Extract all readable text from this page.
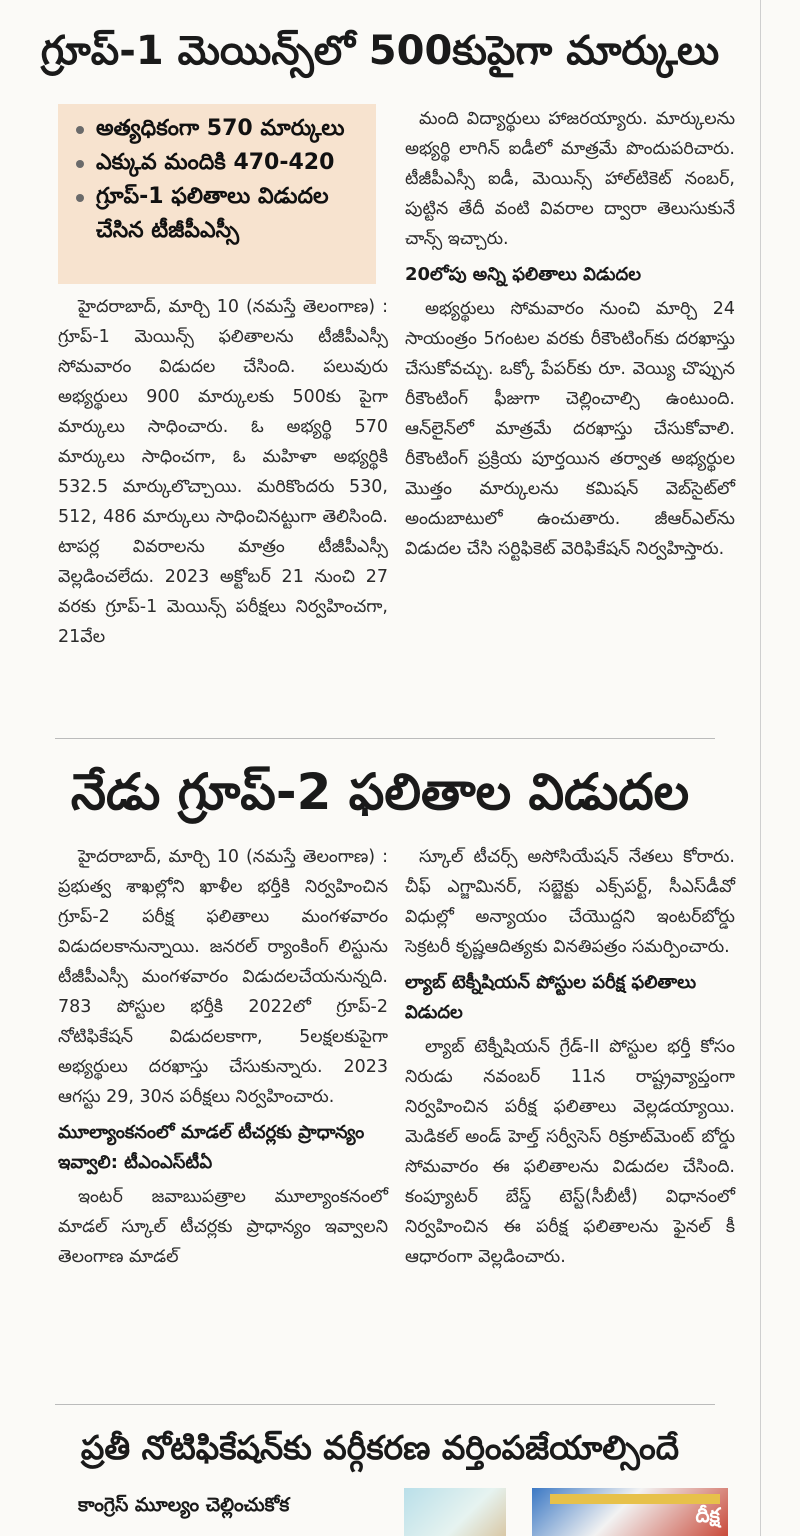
గ్రూప్-1 మెయిన్స్‌లో 500కుపైగా మార్కులు
అత్యధికంగా 570 మార్కులు
ఎక్కువ మందికి 470-420
గ్రూప్-1 ఫలితాలు విడుదల చేసిన టీజీపీఎస్సీ

హైదరాబాద్, మార్చి 10 (నమస్తే తెలంగాణ) : గ్రూప్-1 మెయిన్స్ ఫలితాలను టీజీపీఎస్సీ సోమవారం విడుదల చేసింది. పలువురు అభ్యర్థులు 900 మార్కులకు 500కు పైగా మార్కులు సాధించారు. ఓ అభ్యర్థి 570 మార్కులు సాధించగా, ఓ మహిళా అభ్యర్థికి 532.5 మార్కులొచ్చాయి. మరికొందరు 530, 512, 486 మార్కులు సాధించినట్టుగా తెలిసింది. టాపర్ల వివరాలను మాత్రం టీజీపీఎస్సీ వెల్లడించలేదు. 2023 అక్టోబర్ 21 నుంచి 27 వరకు గ్రూప్-1 మెయిన్స్ పరీక్షలు నిర్వహించగా, 21వేల

మంది విద్యార్థులు హాజరయ్యారు. మార్కులను అభ్యర్థి లాగిన్ ఐడీలో మాత్రమే పొందుపరిచారు. టీజీపీఎస్సీ ఐడీ, మెయిన్స్ హాల్‌టికెట్ నంబర్, పుట్టిన తేదీ వంటి వివరాల ద్వారా తెలుసుకునే చాన్స్ ఇచ్చారు.

20లోపు అన్ని ఫలితాలు విడుదల

అభ్యర్థులు సోమవారం నుంచి మార్చి 24 సాయంత్రం 5గంటల వరకు రీకౌంటింగ్‌కు దరఖాస్తు చేసుకోవచ్చు. ఒక్కో పేపర్‌కు రూ. వెయ్యి చొప్పున రీకౌంటింగ్ ఫీజుగా చెల్లించాల్సి ఉంటుంది. ఆన్‌లైన్‌లో మాత్రమే దరఖాస్తు చేసుకోవాలి. రీకౌంటింగ్ ప్రక్రియ పూర్తయిన తర్వాత అభ్యర్థుల మొత్తం మార్కులను కమిషన్ వెబ్‌సైట్‌లో అందుబాటులో ఉంచుతారు. జీఆర్‌ఎల్‌ను విడుదల చేసి సర్టిఫికెట్ వెరిఫికేషన్ నిర్వహిస్తారు.

నేడు గ్రూప్-2 ఫలితాల విడుదల

హైదరాబాద్, మార్చి 10 (నమస్తే తెలంగాణ) : ప్రభుత్వ శాఖల్లోని ఖాళీల భర్తీకి నిర్వహించిన గ్రూప్-2 పరీక్ష ఫలితాలు మంగళవారం విడుదలకానున్నాయి. జనరల్ ర్యాంకింగ్ లిస్టును టీజీపీఎస్సీ మంగళవారం విడుదలచేయనున్నది. 783 పోస్టుల భర్తీకి 2022లో గ్రూప్-2 నోటిఫికేషన్ విడుదలకాగా, 5లక్షలకుపైగా అభ్యర్థులు దరఖాస్తు చేసుకున్నారు. 2023 ఆగస్టు 29, 30న పరీక్షలు నిర్వహించారు.

మూల్యాంకనంలో మాడల్ టీచర్లకు ప్రాధాన్యం ఇవ్వాలి: టీఎంఎస్‌టీఏ

ఇంటర్ జవాబుపత్రాల మూల్యాంకనంలో మాడల్ స్కూల్ టీచర్లకు ప్రాధాన్యం ఇవ్వాలని తెలంగాణ మాడల్

స్కూల్ టీచర్స్ అసోసియేషన్ నేతలు కోరారు. చీఫ్ ఎగ్జామినర్, సబ్జెక్టు ఎక్స్‌పర్ట్, సీఎస్‌డీవో విధుల్లో అన్యాయం చేయొద్దని ఇంటర్‌బోర్డు సెక్రటరీ కృష్ణఆదిత్యకు వినతిపత్రం సమర్పించారు.

ల్యాబ్ టెక్నీషియన్ పోస్టుల పరీక్ష ఫలితాలు విడుదల

ల్యాబ్ టెక్నీషియన్ గ్రేడ్-II పోస్టుల భర్తీ కోసం నిరుడు నవంబర్ 11న రాష్ట్రవ్యాప్తంగా నిర్వహించిన పరీక్ష ఫలితాలు వెల్లడయ్యాయి. మెడికల్ అండ్ హెల్త్ సర్వీసెస్ రిక్రూట్‌మెంట్ బోర్డు సోమవారం ఈ ఫలితాలను విడుదల చేసింది. కంప్యూటర్ బేస్డ్ టెస్ట్(సీబీటీ) విధానంలో నిర్వహించిన ఈ పరీక్ష ఫలితాలను ఫైనల్ కీ ఆధారంగా వెల్లడించారు.

ప్రతీ నోటిఫికేషన్‌కు వర్గీకరణ వర్తింపజేయాల్సిందే
కాంగ్రెస్ మూల్యం చెల్లించుకోక	దీక్ష
